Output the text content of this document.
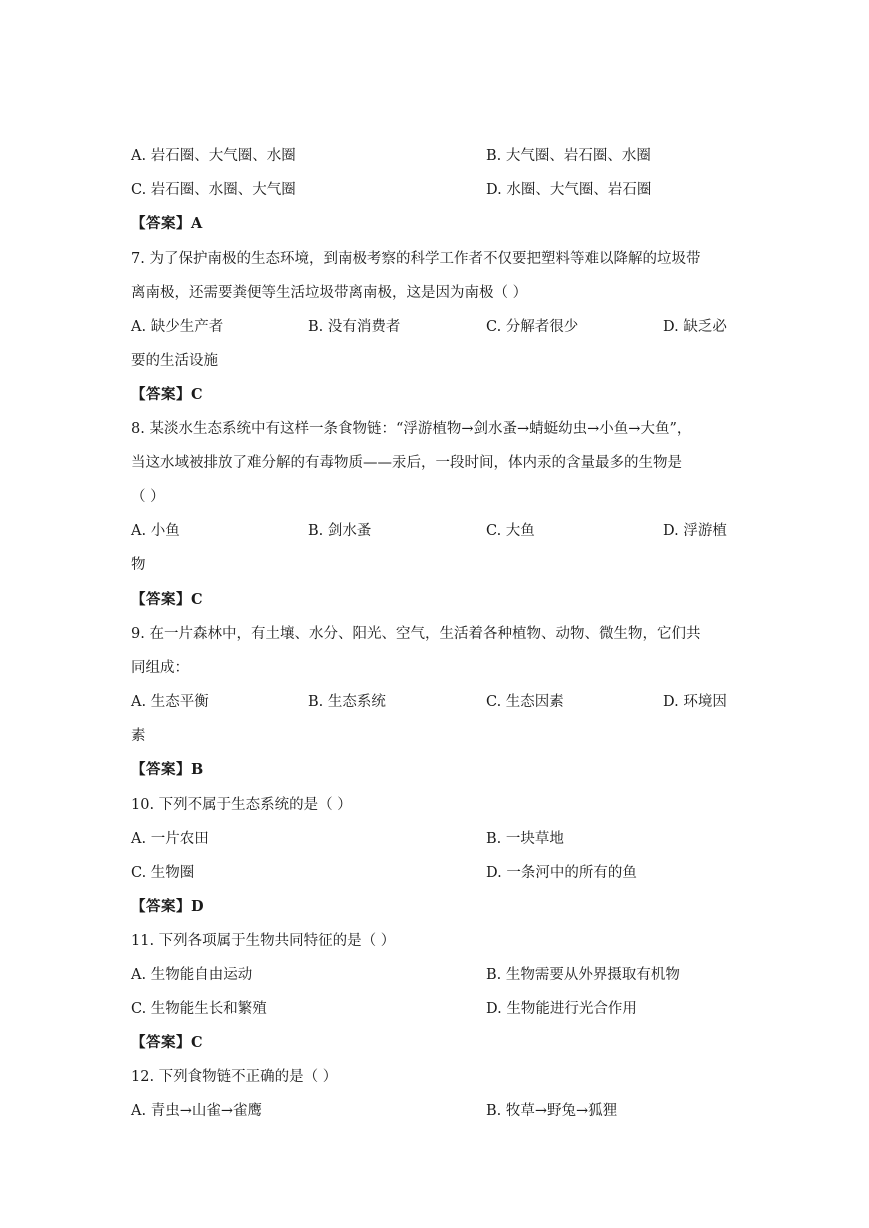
A. 岩石圈、大气圈、水圈	B. 大气圈、岩石圈、水圈
C. 岩石圈、水圈、大气圈	D. 水圈、大气圈、岩石圈
【答案】A
7. 为了保护南极的生态环境，到南极考察的科学工作者不仅要把塑料等难以降解的垃圾带
离南极，还需要粪便等生活垃圾带离南极，这是因为南极（ ）
A. 缺少生产者	B. 没有消费者	C. 分解者很少	D. 缺乏必
要的生活设施
【答案】C
8. 某淡水生态系统中有这样一条食物链：“浮游植物→剑水蚤→蜻蜓幼虫→小鱼→大鱼”，
当这水域被排放了难分解的有毒物质——汞后，一段时间，体内汞的含量最多的生物是
（ ）
A. 小鱼	B. 剑水蚤	C. 大鱼	D. 浮游植
物
【答案】C
9. 在一片森林中，有土壤、水分、阳光、空气，生活着各种植物、动物、微生物，它们共
同组成：
A. 生态平衡	B. 生态系统	C. 生态因素	D. 环境因
素
【答案】B
10. 下列不属于生态系统的是（ ）
A. 一片农田	B. 一块草地
C. 生物圈	D. 一条河中的所有的鱼
【答案】D
11. 下列各项属于生物共同特征的是（ ）
A. 生物能自由运动	B. 生物需要从外界摄取有机物
C. 生物能生长和繁殖	D. 生物能进行光合作用
【答案】C
12. 下列食物链不正确的是（ ）
A. 青虫→山雀→雀鹰	B. 牧草→野兔→狐狸
